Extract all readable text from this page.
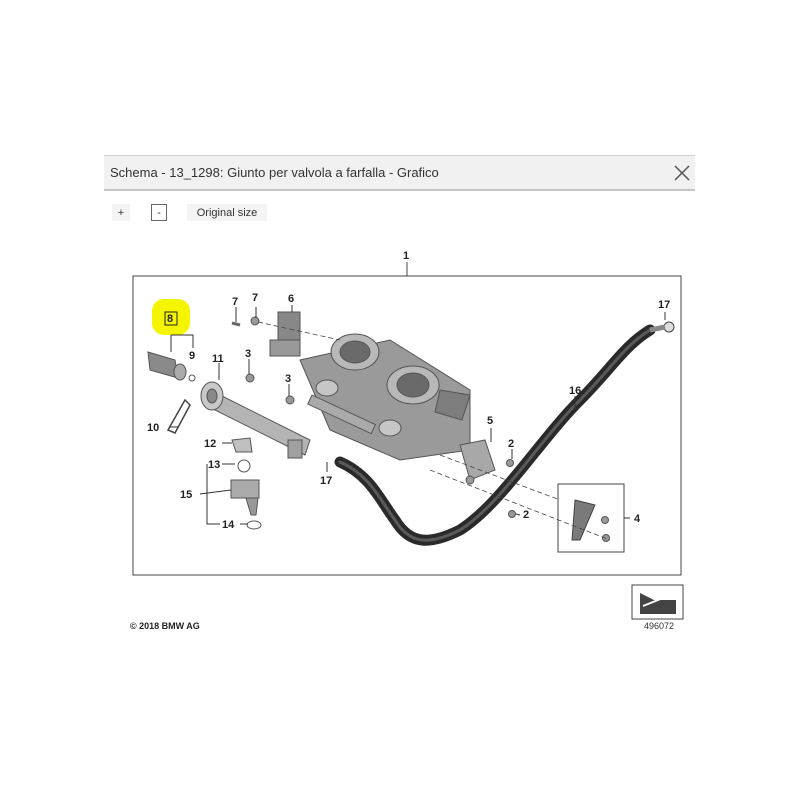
Schema - 13_1298: Giunto per valvola a farfalla - Grafico
+	-	Original size
1
2
2
3
3
4
5
6
7 7
8
9
10
11
12
13
14
15
16
17
17
© 2018 BMW AG	496072
